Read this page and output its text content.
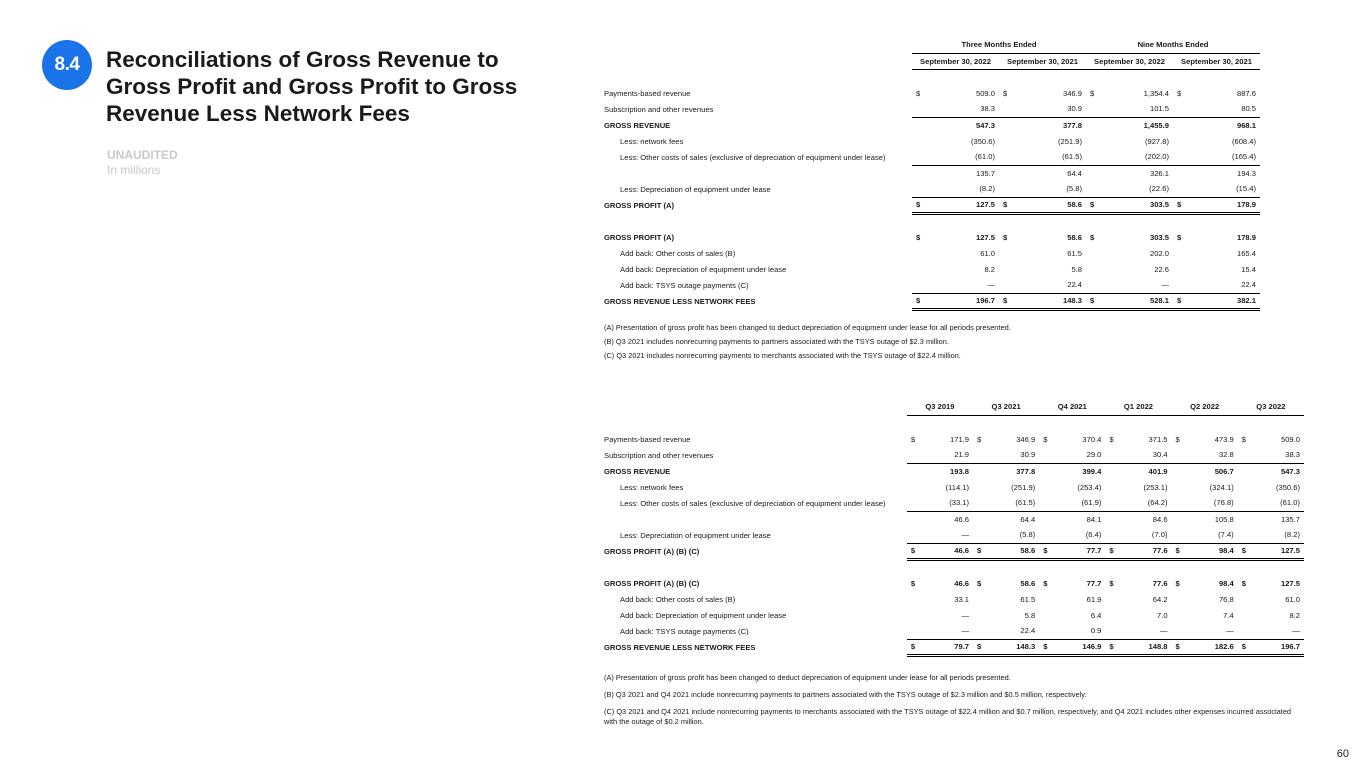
8.4	Reconciliations of Gross Revenue to Gross Profit and Gross Profit to Gross Revenue Less Network Fees
UNAUDITED
In millions
60
	Three Months Ended				Nine Months Ended			
	September 30, 2022		September 30, 2021		September 30, 2022		September 30, 2021	

Payments-based revenue	$	509.0	$	346.9	$	1,354.4	$	887.6
Subscription and other revenues		38.3		30.9		101.5		80.5
GROSS REVENUE		547.3		377.8		1,455.9		968.1
Less: network fees		(350.6)		(251.9)		(927.8)		(608.4)
Less: Other costs of sales (exclusive of depreciation of equipment under lease)		(61.0)		(61.5)		(202.0)		(165.4)
		135.7		64.4		326.1		194.3
Less: Depreciation of equipment under lease		(8.2)		(5.8)		(22.6)		(15.4)
GROSS PROFIT (A)	$	127.5	$	58.6	$	303.5	$	178.9

GROSS PROFIT (A)	$	127.5	$	58.6	$	303.5	$	178.9
Add back: Other costs of sales (B)		61.0		61.5		202.0		165.4
Add back: Depreciation of equipment under lease		8.2		5.8		22.6		15.4
Add back: TSYS outage payments (C)		—		22.4		—		22.4
GROSS REVENUE LESS NETWORK FEES	$	196.7	$	148.3	$	528.1	$	382.1

(A) Presentation of gross profit has been changed to deduct depreciation of equipment under lease for all periods presented.

(B) Q3 2021 includes nonrecurring payments to partners associated with the TSYS outage of $2.3 million.

(C) Q3 2021 includes nonrecurring payments to merchants associated with the TSYS outage of $22.4 million.

	Q3 2019		Q3 2021		Q4 2021		Q1 2022		Q2 2022		Q3 2022	

Payments-based revenue	$	171.9	$	346.9	$	370.4	$	371.5	$	473.9	$	509.0
Subscription and other revenues		21.9		30.9		29.0		30.4		32.8		38.3
GROSS REVENUE		193.8		377.8		399.4		401.9		506.7		547.3
Less: network fees		(114.1)		(251.9)		(253.4)		(253.1)		(324.1)		(350.6)
Less: Other costs of sales (exclusive of depreciation of equipment under lease)		(33.1)		(61.5)		(61.9)		(64.2)		(76.8)		(61.0)
		46.6		64.4		84.1		84.6		105.8		135.7
Less: Depreciation of equipment under lease		—		(5.8)		(6.4)		(7.0)		(7.4)		(8.2)
GROSS PROFIT (A) (B) (C)	$	46.6	$	58.6	$	77.7	$	77.6	$	98.4	$	127.5

GROSS PROFIT (A) (B) (C)	$	46.6	$	58.6	$	77.7	$	77.6	$	98.4	$	127.5
Add back: Other costs of sales (B)		33.1		61.5		61.9		64.2		76.8		61.0
Add back: Depreciation of equipment under lease		—		5.8		6.4		7.0		7.4		8.2
Add back: TSYS outage payments (C)		—		22.4		0.9		—		—		—
GROSS REVENUE LESS NETWORK FEES	$	79.7	$	148.3	$	146.9	$	148.8	$	182.6	$	196.7

(A) Presentation of gross profit has been changed to deduct depreciation of equipment under lease for all periods presented.

(B) Q3 2021 and Q4 2021 include nonrecurring payments to partners associated with the TSYS outage of $2.3 million and $0.5 million, respectively.

(C) Q3 2021 and Q4 2021 include nonrecurring payments to merchants associated with the TSYS outage of $22.4 million and $0.7 million, respectively, and Q4 2021 includes other expenses incurred associated with the outage of $0.2 million.
